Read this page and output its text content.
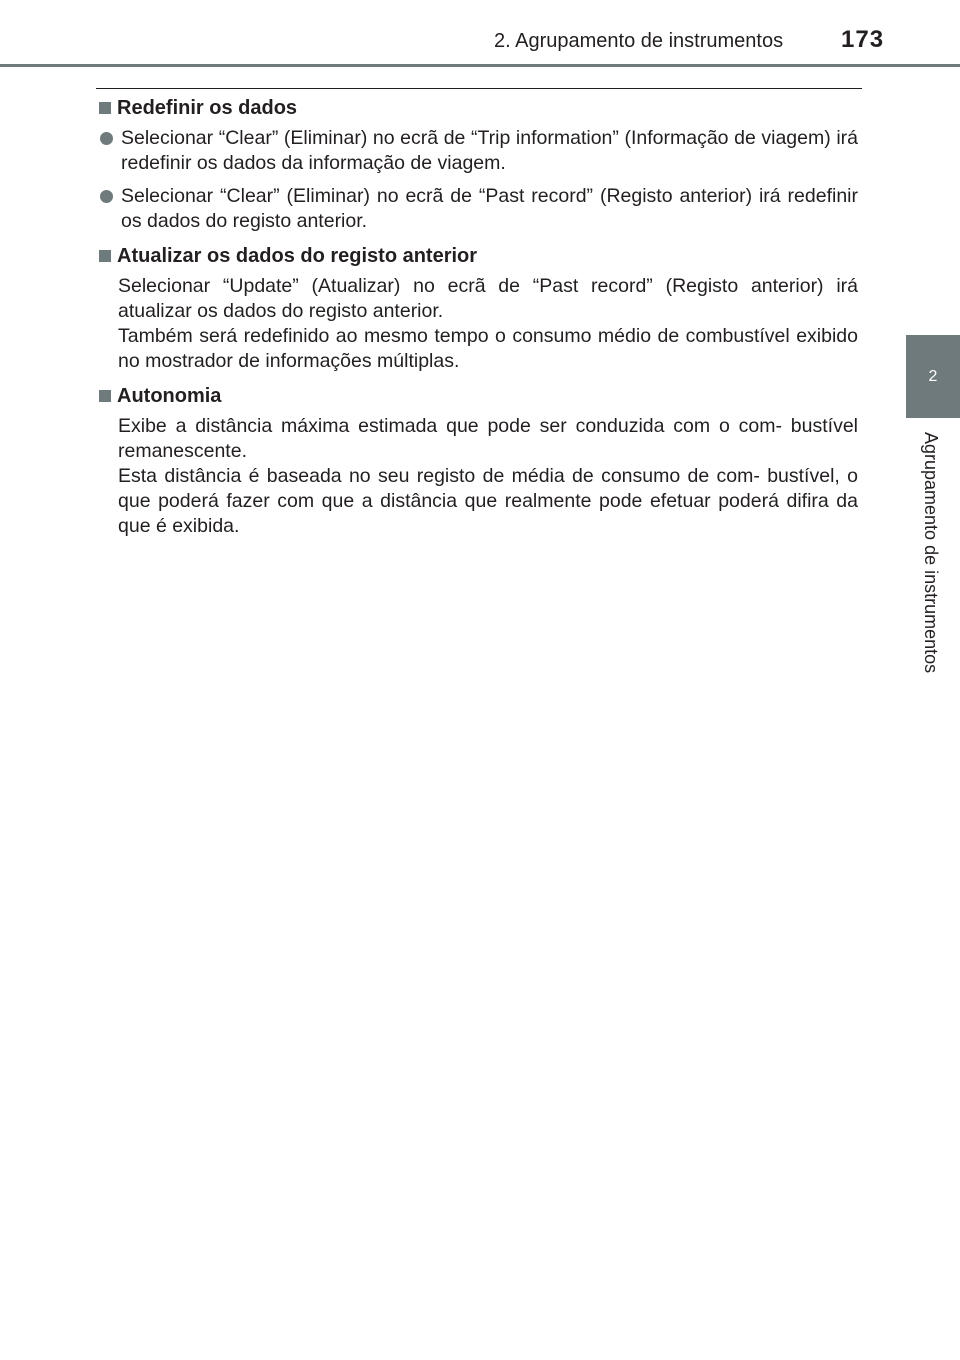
2. Agrupamento de instrumentos 173
2
Agrupamento de instrumentos
Redefinir os dados

Selecionar “Clear” (Eliminar) no ecrã de “Trip information” (Informação de viagem) irá redefinir os dados da informação de viagem.

Selecionar “Clear” (Eliminar) no ecrã de “Past record” (Registo anterior) irá redefinir os dados do registo anterior.

Atualizar os dados do registo anterior

Selecionar “Update” (Atualizar) no ecrã de “Past record” (Registo anterior) irá atualizar os dados do registo anterior.

Também será redefinido ao mesmo tempo o consumo médio de combustível exibido no mostrador de informações múltiplas.

Autonomia

Exibe a distância máxima estimada que pode ser conduzida com o com- bustível remanescente.

Esta distância é baseada no seu registo de média de consumo de com- bustível, o que poderá fazer com que a distância que realmente pode efetuar poderá difira da que é exibida.
